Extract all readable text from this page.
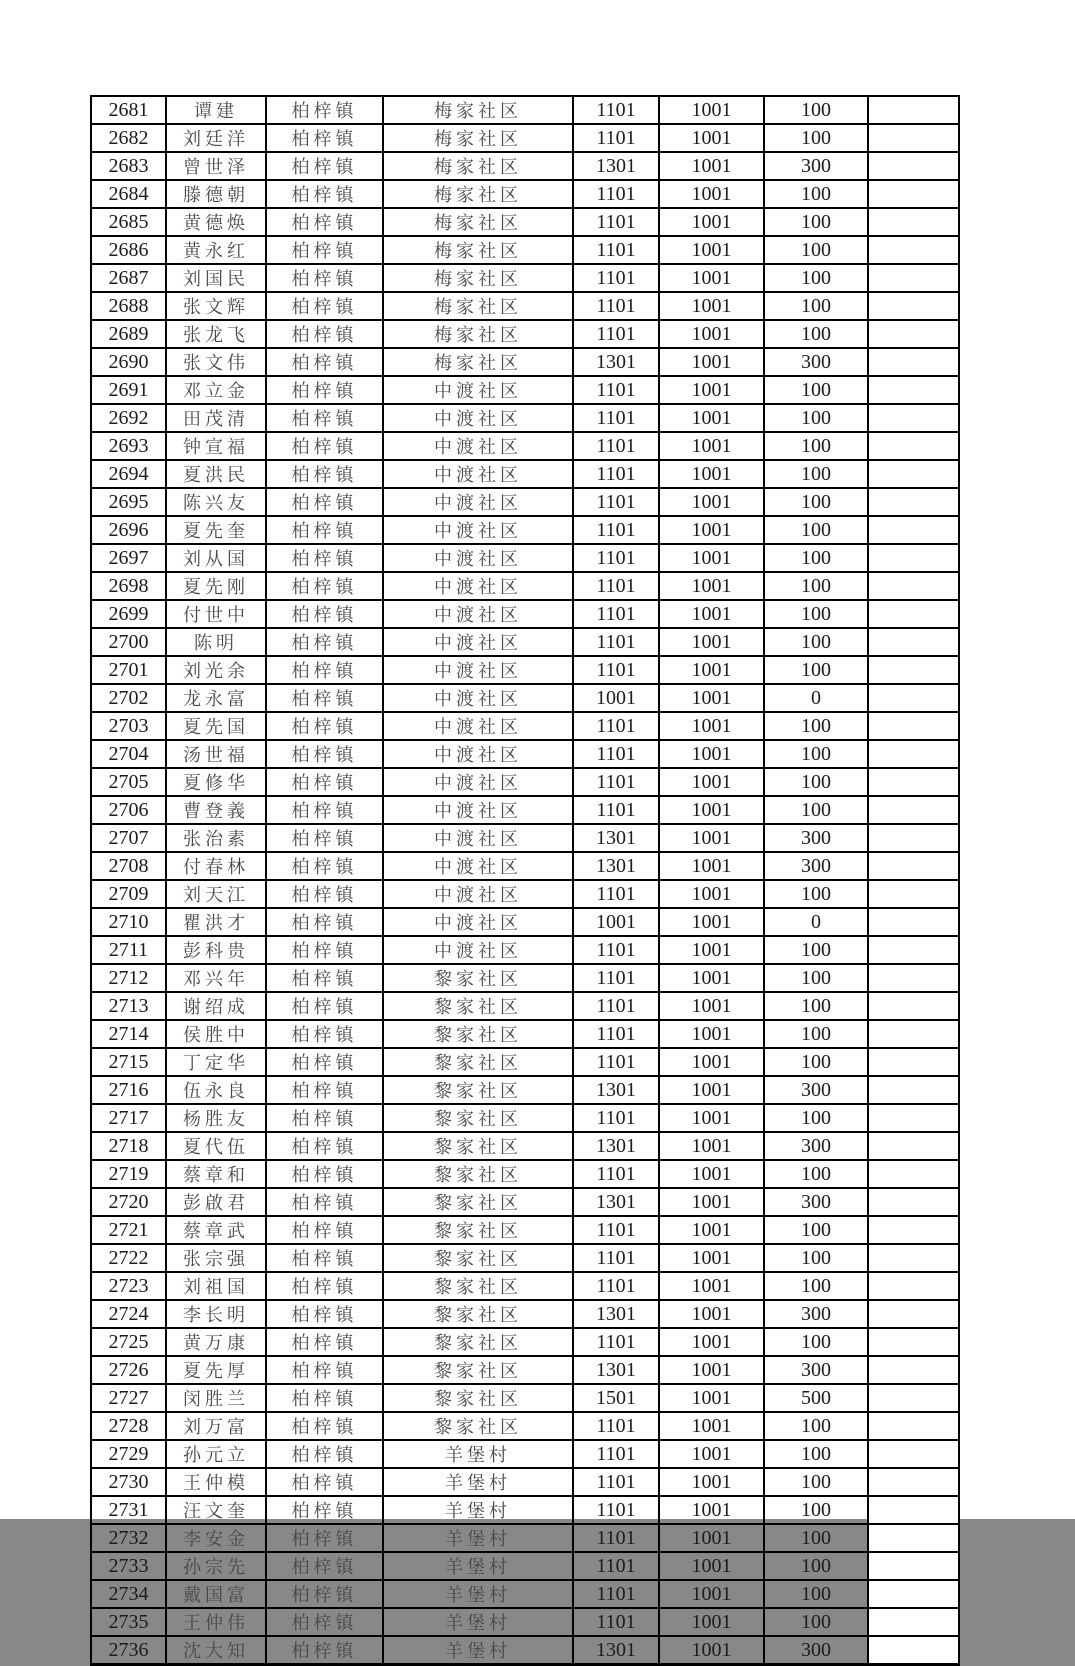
2681	谭建	柏梓镇	梅家社区	1101	1001	100	
2682	刘廷洋	柏梓镇	梅家社区	1101	1001	100	
2683	曾世泽	柏梓镇	梅家社区	1301	1001	300	
2684	滕德朝	柏梓镇	梅家社区	1101	1001	100	
2685	黄德焕	柏梓镇	梅家社区	1101	1001	100	
2686	黄永红	柏梓镇	梅家社区	1101	1001	100	
2687	刘国民	柏梓镇	梅家社区	1101	1001	100	
2688	张文辉	柏梓镇	梅家社区	1101	1001	100	
2689	张龙飞	柏梓镇	梅家社区	1101	1001	100	
2690	张文伟	柏梓镇	梅家社区	1301	1001	300	
2691	邓立金	柏梓镇	中渡社区	1101	1001	100	
2692	田茂清	柏梓镇	中渡社区	1101	1001	100	
2693	钟宣福	柏梓镇	中渡社区	1101	1001	100	
2694	夏洪民	柏梓镇	中渡社区	1101	1001	100	
2695	陈兴友	柏梓镇	中渡社区	1101	1001	100	
2696	夏先奎	柏梓镇	中渡社区	1101	1001	100	
2697	刘从国	柏梓镇	中渡社区	1101	1001	100	
2698	夏先刚	柏梓镇	中渡社区	1101	1001	100	
2699	付世中	柏梓镇	中渡社区	1101	1001	100	
2700	陈明	柏梓镇	中渡社区	1101	1001	100	
2701	刘光余	柏梓镇	中渡社区	1101	1001	100	
2702	龙永富	柏梓镇	中渡社区	1001	1001	0	
2703	夏先国	柏梓镇	中渡社区	1101	1001	100	
2704	汤世福	柏梓镇	中渡社区	1101	1001	100	
2705	夏修华	柏梓镇	中渡社区	1101	1001	100	
2706	曹登義	柏梓镇	中渡社区	1101	1001	100	
2707	张治素	柏梓镇	中渡社区	1301	1001	300	
2708	付春林	柏梓镇	中渡社区	1301	1001	300	
2709	刘天江	柏梓镇	中渡社区	1101	1001	100	
2710	瞿洪才	柏梓镇	中渡社区	1001	1001	0	
2711	彭科贵	柏梓镇	中渡社区	1101	1001	100	
2712	邓兴年	柏梓镇	黎家社区	1101	1001	100	
2713	谢绍成	柏梓镇	黎家社区	1101	1001	100	
2714	侯胜中	柏梓镇	黎家社区	1101	1001	100	
2715	丁定华	柏梓镇	黎家社区	1101	1001	100	
2716	伍永良	柏梓镇	黎家社区	1301	1001	300	
2717	杨胜友	柏梓镇	黎家社区	1101	1001	100	
2718	夏代伍	柏梓镇	黎家社区	1301	1001	300	
2719	蔡章和	柏梓镇	黎家社区	1101	1001	100	
2720	彭啟君	柏梓镇	黎家社区	1301	1001	300	
2721	蔡章武	柏梓镇	黎家社区	1101	1001	100	
2722	张宗强	柏梓镇	黎家社区	1101	1001	100	
2723	刘祖国	柏梓镇	黎家社区	1101	1001	100	
2724	李长明	柏梓镇	黎家社区	1301	1001	300	
2725	黄万康	柏梓镇	黎家社区	1101	1001	100	
2726	夏先厚	柏梓镇	黎家社区	1301	1001	300	
2727	闵胜兰	柏梓镇	黎家社区	1501	1001	500	
2728	刘万富	柏梓镇	黎家社区	1101	1001	100	
2729	孙元立	柏梓镇	羊堡村	1101	1001	100	
2730	王仲模	柏梓镇	羊堡村	1101	1001	100	
2731	汪文奎	柏梓镇	羊堡村	1101	1001	100	
2732	李安金	柏梓镇	羊堡村	1101	1001	100	
2733	孙宗先	柏梓镇	羊堡村	1101	1001	100	
2734	戴国富	柏梓镇	羊堡村	1101	1001	100	
2735	王仲伟	柏梓镇	羊堡村	1101	1001	100	
2736	沈大知	柏梓镇	羊堡村	1301	1001	300	
